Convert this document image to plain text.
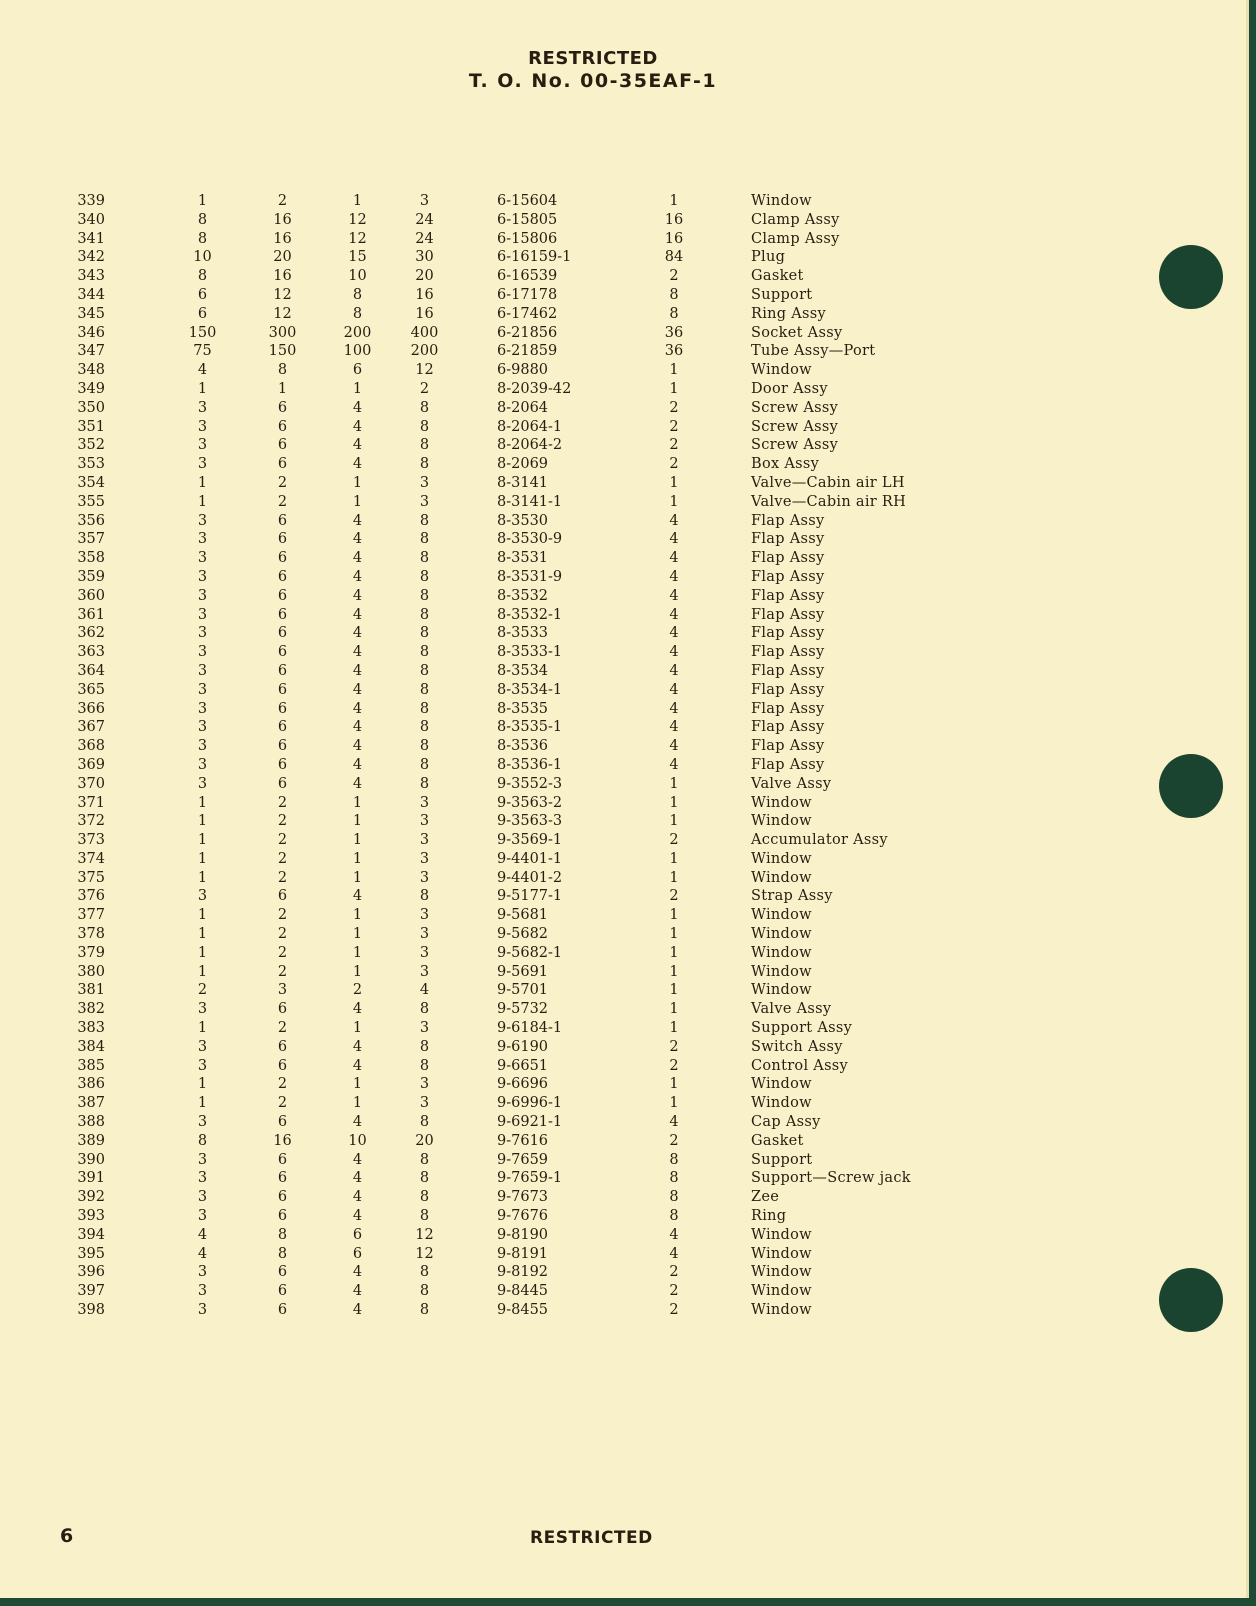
RESTRICTED
T. O. No. 00-35EAF-1
339	1	2	1	3	6-15604	1	Window
340	8	16	12	24	6-15805	16	Clamp Assy
341	8	16	12	24	6-15806	16	Clamp Assy
342	10	20	15	30	6-16159-1	84	Plug
343	8	16	10	20	6-16539	2	Gasket
344	6	12	8	16	6-17178	8	Support
345	6	12	8	16	6-17462	8	Ring Assy
346	150	300	200	400	6-21856	36	Socket Assy
347	75	150	100	200	6-21859	36	Tube Assy—Port
348	4	8	6	12	6-9880	1	Window
349	1	1	1	2	8-2039-42	1	Door Assy
350	3	6	4	8	8-2064	2	Screw Assy
351	3	6	4	8	8-2064-1	2	Screw Assy
352	3	6	4	8	8-2064-2	2	Screw Assy
353	3	6	4	8	8-2069	2	Box Assy
354	1	2	1	3	8-3141	1	Valve—Cabin air LH
355	1	2	1	3	8-3141-1	1	Valve—Cabin air RH
356	3	6	4	8	8-3530	4	Flap Assy
357	3	6	4	8	8-3530-9	4	Flap Assy
358	3	6	4	8	8-3531	4	Flap Assy
359	3	6	4	8	8-3531-9	4	Flap Assy
360	3	6	4	8	8-3532	4	Flap Assy
361	3	6	4	8	8-3532-1	4	Flap Assy
362	3	6	4	8	8-3533	4	Flap Assy
363	3	6	4	8	8-3533-1	4	Flap Assy
364	3	6	4	8	8-3534	4	Flap Assy
365	3	6	4	8	8-3534-1	4	Flap Assy
366	3	6	4	8	8-3535	4	Flap Assy
367	3	6	4	8	8-3535-1	4	Flap Assy
368	3	6	4	8	8-3536	4	Flap Assy
369	3	6	4	8	8-3536-1	4	Flap Assy
370	3	6	4	8	9-3552-3	1	Valve Assy
371	1	2	1	3	9-3563-2	1	Window
372	1	2	1	3	9-3563-3	1	Window
373	1	2	1	3	9-3569-1	2	Accumulator Assy
374	1	2	1	3	9-4401-1	1	Window
375	1	2	1	3	9-4401-2	1	Window
376	3	6	4	8	9-5177-1	2	Strap Assy
377	1	2	1	3	9-5681	1	Window
378	1	2	1	3	9-5682	1	Window
379	1	2	1	3	9-5682-1	1	Window
380	1	2	1	3	9-5691	1	Window
381	2	3	2	4	9-5701	1	Window
382	3	6	4	8	9-5732	1	Valve Assy
383	1	2	1	3	9-6184-1	1	Support Assy
384	3	6	4	8	9-6190	2	Switch Assy
385	3	6	4	8	9-6651	2	Control Assy
386	1	2	1	3	9-6696	1	Window
387	1	2	1	3	9-6996-1	1	Window
388	3	6	4	8	9-6921-1	4	Cap Assy
389	8	16	10	20	9-7616	2	Gasket
390	3	6	4	8	9-7659	8	Support
391	3	6	4	8	9-7659-1	8	Support—Screw jack
392	3	6	4	8	9-7673	8	Zee
393	3	6	4	8	9-7676	8	Ring
394	4	8	6	12	9-8190	4	Window
395	4	8	6	12	9-8191	4	Window
396	3	6	4	8	9-8192	2	Window
397	3	6	4	8	9-8445	2	Window
398	3	6	4	8	9-8455	2	Window
6	RESTRICTED
